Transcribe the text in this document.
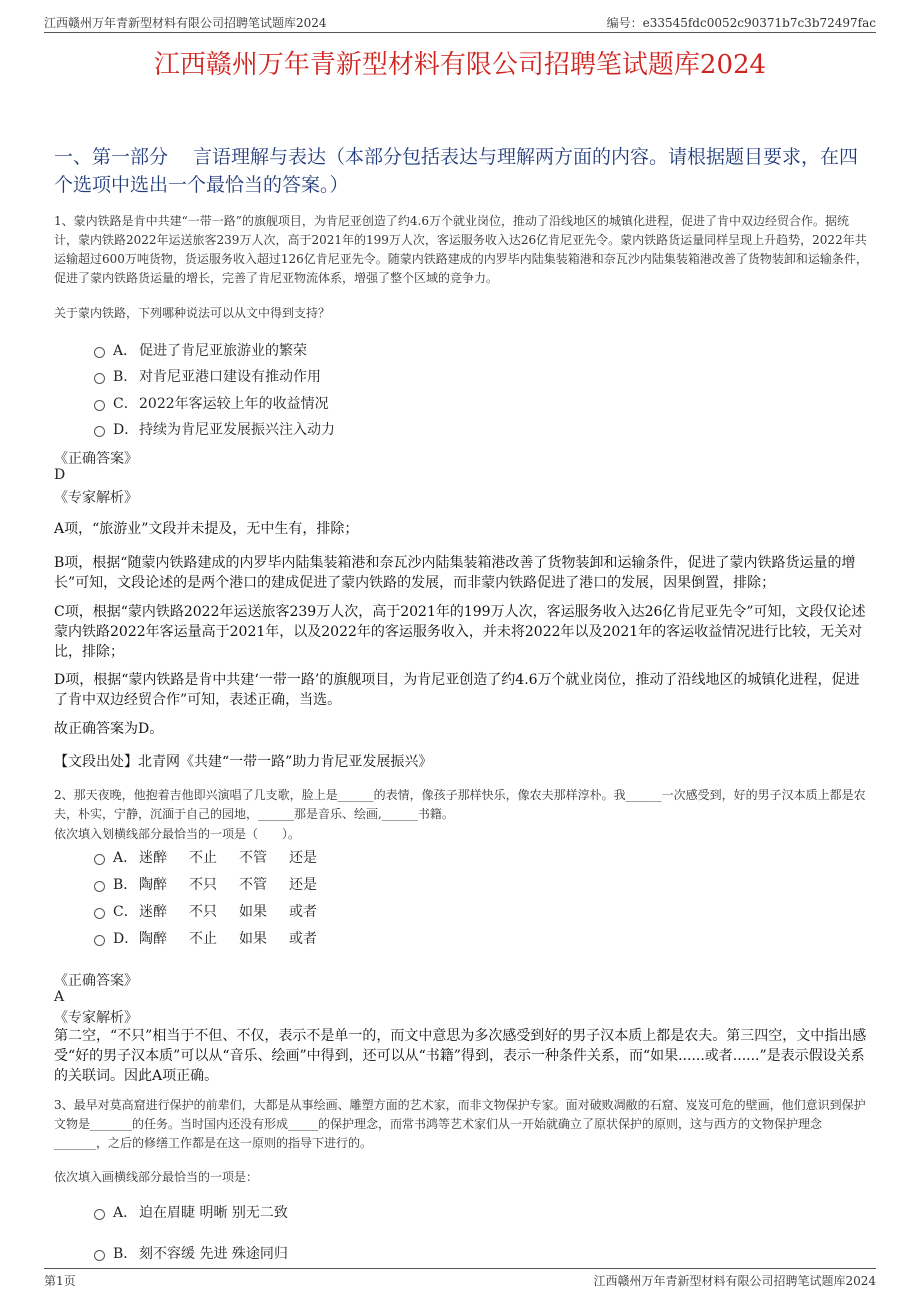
江西赣州万年青新型材料有限公司招聘笔试题库2024	编号：e33545fdc0052c90371b7c3b72497fac
江西赣州万年青新型材料有限公司招聘笔试题库2024
一、第一部分　 言语理解与表达（本部分包括表达与理解两方面的内容。请根据题目要求，在四个选项中选出一个最恰当的答案。）
1、蒙内铁路是肯中共建“一带一路”的旗舰项目，为肯尼亚创造了约4.6万个就业岗位，推动了沿线地区的城镇化进程，促进了肯中双边经贸合作。据统计，蒙内铁路2022年运送旅客239万人次，高于2021年的199万人次，客运服务收入达26亿肯尼亚先令。蒙内铁路货运量同样呈现上升趋势，2022年共运输超过600万吨货物，货运服务收入超过126亿肯尼亚先令。随蒙内铁路建成的内罗毕内陆集装箱港和奈瓦沙内陆集装箱港改善了货物装卸和运输条件，促进了蒙内铁路货运量的增长，完善了肯尼亚物流体系，增强了整个区域的竞争力。
关于蒙内铁路，下列哪种说法可以从文中得到支持？
A． 促进了肯尼亚旅游业的繁荣
B． 对肯尼亚港口建设有推动作用
C． 2022年客运较上年的收益情况
D． 持续为肯尼亚发展振兴注入动力
《正确答案》
D
《专家解析》
A项，“旅游业”文段并未提及，无中生有，排除；
B项，根据“随蒙内铁路建成的内罗毕内陆集装箱港和奈瓦沙内陆集装箱港改善了货物装卸和运输条件，促进了蒙内铁路货运量的增长”可知，文段论述的是两个港口的建成促进了蒙内铁路的发展，而非蒙内铁路促进了港口的发展，因果倒置，排除；
C项，根据“蒙内铁路2022年运送旅客239万人次，高于2021年的199万人次，客运服务收入达26亿肯尼亚先令”可知，文段仅论述蒙内铁路2022年客运量高于2021年，以及2022年的客运服务收入，并未将2022年以及2021年的客运收益情况进行比较，无关对比，排除；
D项，根据“蒙内铁路是肯中共建‘一带一路’的旗舰项目，为肯尼亚创造了约4.6万个就业岗位，推动了沿线地区的城镇化进程，促进了肯中双边经贸合作”可知，表述正确，当选。
故正确答案为D。
【文段出处】北青网《共建“一带一路”助力肯尼亚发展振兴》
2、那天夜晚，他抱着吉他即兴演唱了几支歌，脸上是______的表情，像孩子那样快乐，像农夫那样淳朴。我______一次感受到，好的男子汉本质上都是农夫，朴实，宁静，沉湎于自己的园地，______那是音乐、绘画,______书籍。
依次填入划横线部分最恰当的一项是（　　）。
A． 迷醉 不止 不管 还是
B． 陶醉 不只 不管 还是
C． 迷醉 不只 如果 或者
D． 陶醉 不止 如果 或者
《正确答案》
A
《专家解析》
第二空，“不只”相当于不但、不仅，表示不是单一的，而文中意思为多次感受到好的男子汉本质上都是农夫。第三四空，文中指出感受“好的男子汉本质”可以从“音乐、绘画”中得到，还可以从“书籍”得到，表示一种条件关系，而“如果......或者......”是表示假设关系的关联词。因此A项正确。
3、最早对莫高窟进行保护的前辈们，大都是从事绘画、雕塑方面的艺术家，而非文物保护专家。面对破败凋敝的石窟、岌岌可危的壁画，他们意识到保护文物是_______的任务。当时国内还没有形成_____的保护理念，而常书鸿等艺术家们从一开始就确立了原状保护的原则，这与西方的文物保护理念_______，之后的修缮工作都是在这一原则的指导下进行的。
依次填入画横线部分最恰当的一项是：
A． 迫在眉睫 明晰 别无二致
B． 刻不容缓 先进 殊途同归
第1页	江西赣州万年青新型材料有限公司招聘笔试题库2024
